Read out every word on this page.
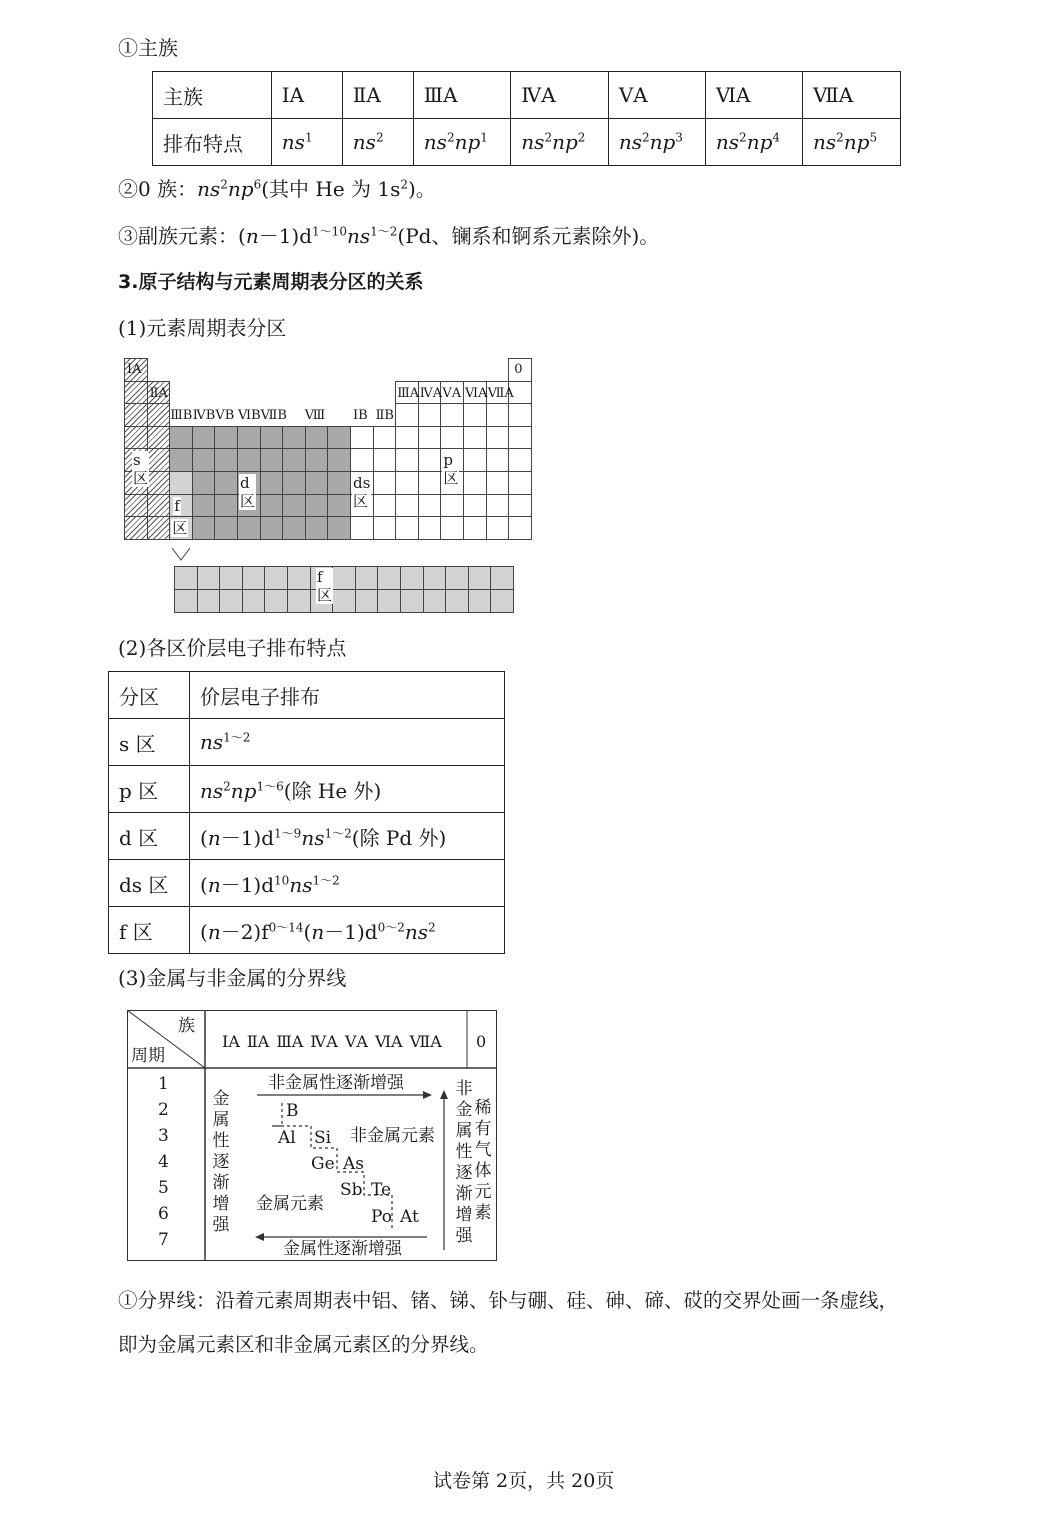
①主族
主族	ⅠA	ⅡA	ⅢA	ⅣA	ⅤA	ⅥA	ⅦA
排布特点	$ns^1$	$ns^2$	$ns^2np^1$	$ns^2np^2$	$ns^2np^3$	$ns^2np^4$	$ns^2np^5$
②0 族：$ns^2np^6$(其中 He 为 $1s^2$)。
③副族元素：$(n-1)d^{1\sim 10}ns^{1\sim 2}(Pd$、镧系和锕系元素除外)。
3.原子结构与元素周期表分区的关系
(1)元素周期表分区
ⅠA
ⅡA
0
ⅢA ⅣA ⅤA ⅥA ⅦA
ⅢB ⅣB ⅤB ⅥB ⅦB Ⅷ ⅠB ⅡB
s 区
p 区
d 区
ds 区
f
区
f 区
(2)各区价层电子排布特点
分区	价层电子排布
s 区	$ns^{1\sim 2}$
p 区	$ns^2np^{1\sim 6}$(除 He 外)
d 区	$(n-1)d^{1\sim 9}ns^{1\sim 2}$(除 Pd 外)
ds 区	$(n-1)d^{10}ns^{1\sim 2}$
f 区	$(n-2)f^{0\sim 14}(n-1)d^{0\sim 2}ns^2$
(3)金属与非金属的分界线
族
周期
ⅠA ⅡA ⅢA ⅣA ⅤA ⅥA ⅦA	0
1
2
3
4
5
6
7
非金属性逐渐增强
金属性逐渐增强
金属性逐渐增强
非金属性逐渐增强
稀有气体元素
非金属元素
金属元素
B
Al Si
Ge As
Sb Te
Po At
①分界线：沿着元素周期表中铝、锗、锑、钋与硼、硅、砷、碲、砹的交界处画一条虚线，
即为金属元素区和非金属元素区的分界线。
试卷第 2页，共 20页
